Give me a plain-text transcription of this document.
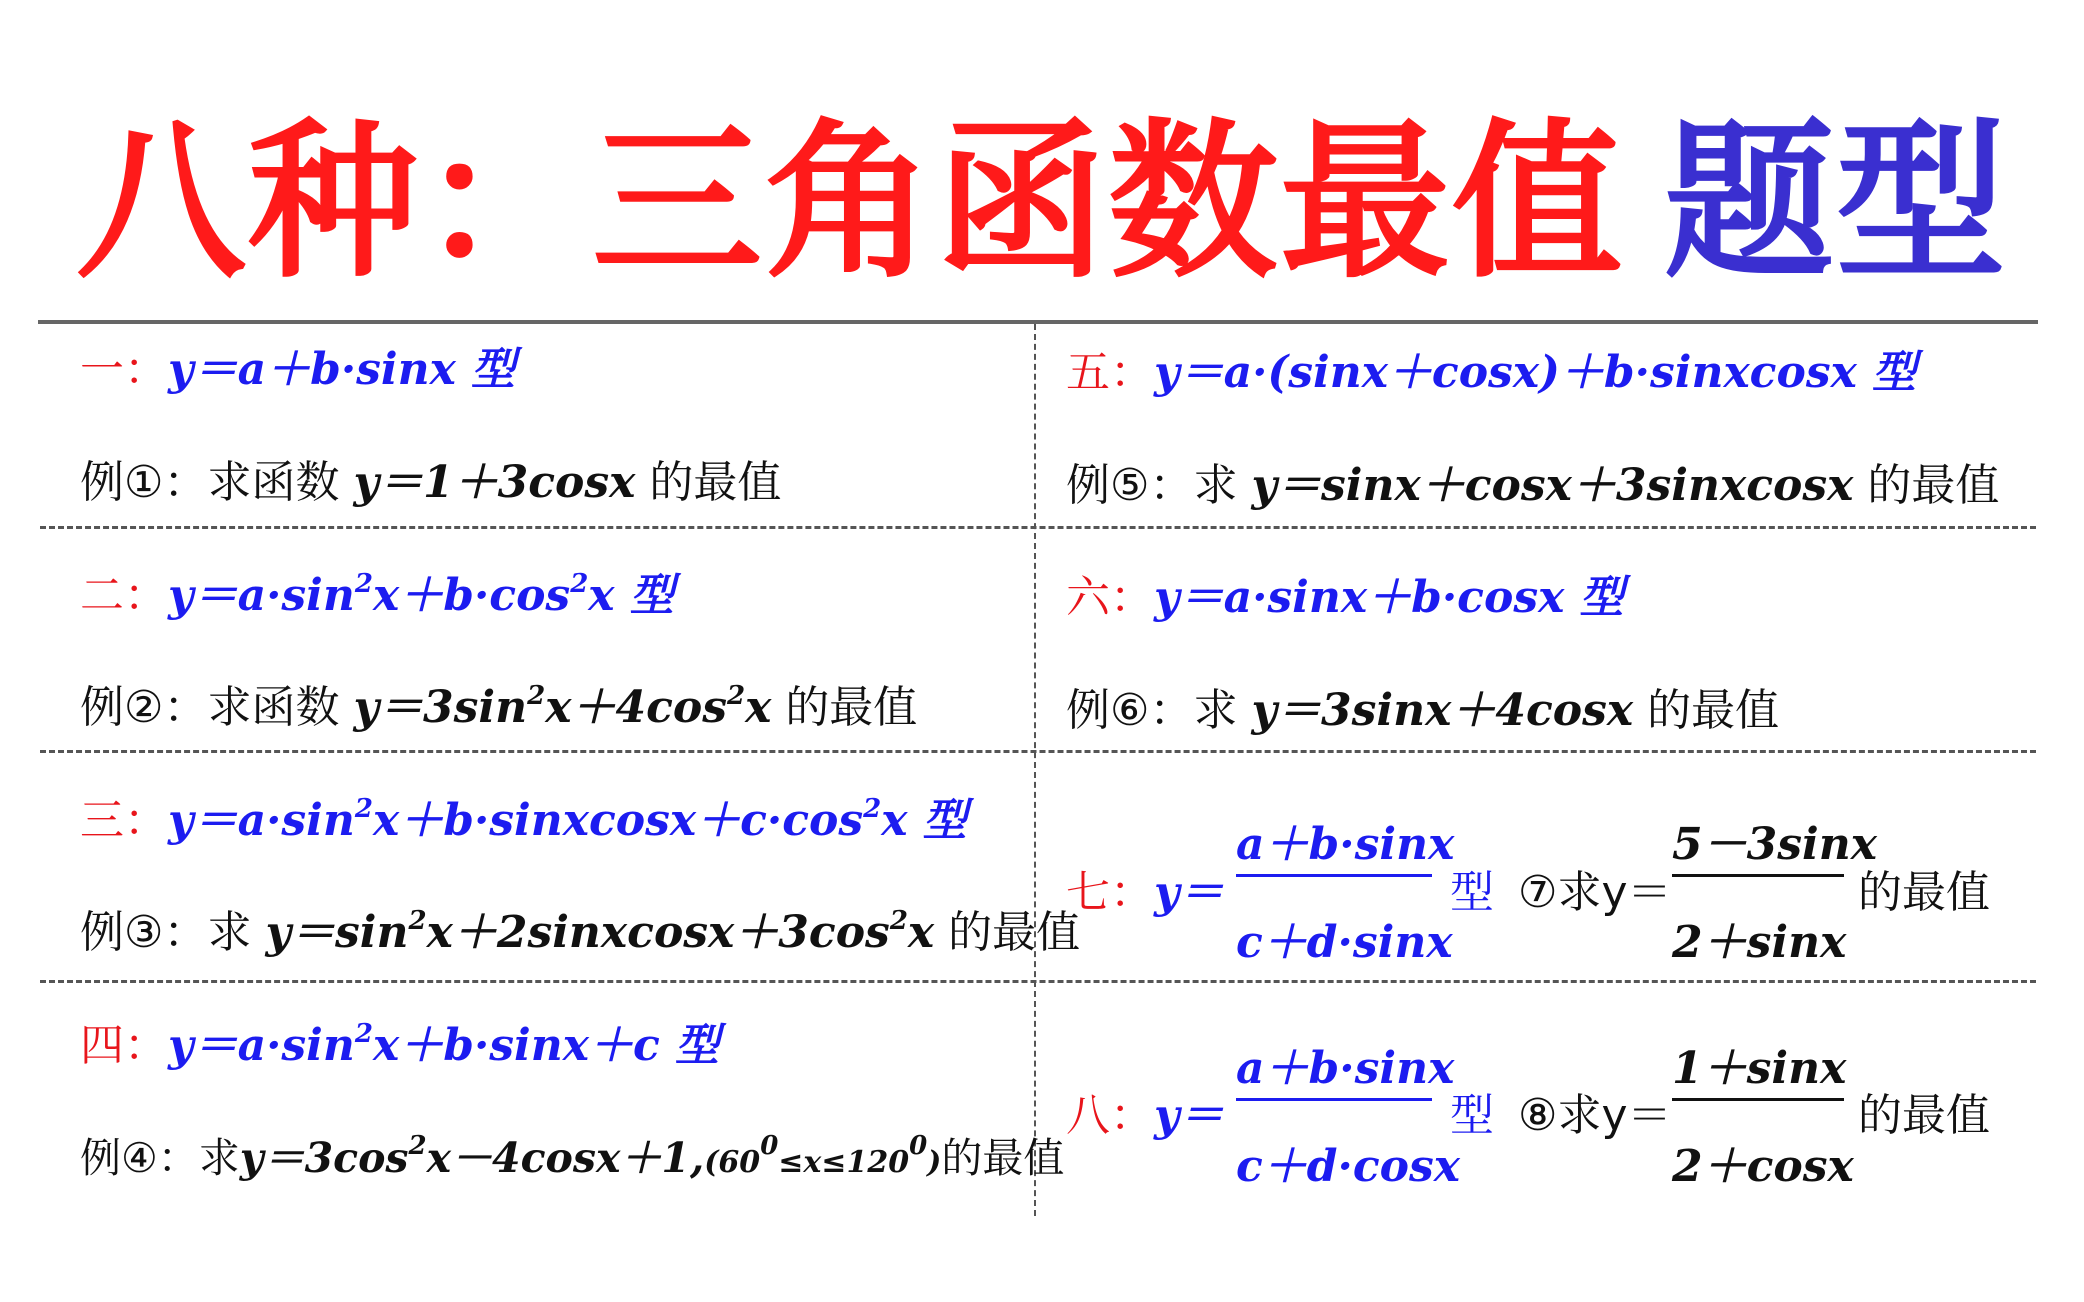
八种：三角函数最值 题型
一：y＝a＋b·sinx 型
例①：求函数 y＝1＋3cosx 的最值
二：$y=a\cdot\sin^2x+b\cdot\cos^2x$ 型
例②：求函数 $y=3\sin^2x+4\cos^2x$ 的最值
三：$y=a\cdot\sin^2x+b\cdot sinxcosx+c\cdot\cos^2x$ 型
例③：求 $y=\sin^2x+2sinxcosx+3\cos^2x$ 的最值
四：$y=a\cdot\sin^2x+b\cdot\sin x+c$ 型
例④：求$y=3\cos^2x-4\cos x+1,(60^0\le x\le 120^0)$的最值
五：y＝a·(sinx＋cosx)＋b·sinxcosx 型
例⑤：求 y＝sinx＋cosx＋3sinxcosx 的最值
六：y＝a·sinx＋b·cosx 型
例⑥：求 y＝3sinx＋4cosx 的最值
七：y＝
a＋b·sinx
c＋d·sinx
型 ⑦求y＝
5－3sinx
2＋sinx
的最值
八：y＝
a＋b·sinx
c＋d·cosx
型 ⑧求y＝
1＋sinx
2＋cosx
的最值
